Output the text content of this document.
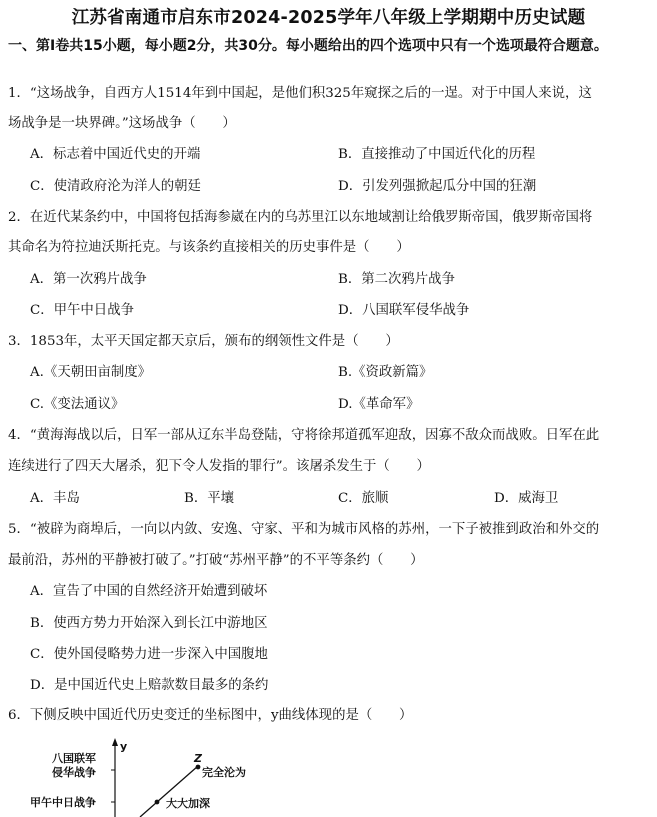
江苏省南通市启东市2024-2025学年八年级上学期期中历史试题
一、第Ⅰ卷共15小题，每小题2分，共30分。每小题给出的四个选项中只有一个选项最符合题意。
1．“这场战争，自西方人1514年到中国起，是他们积325年窥探之后的一逞。对于中国人来说，这
场战争是一块界碑。”这场战争（　　）
A．标志着中国近代史的开端	B．直接推动了中国近代化的历程
C．使清政府沦为洋人的朝廷	D．引发列强掀起瓜分中国的狂潮
2．在近代某条约中，中国将包括海参崴在内的乌苏里江以东地域割让给俄罗斯帝国，俄罗斯帝国将
其命名为符拉迪沃斯托克。与该条约直接相关的历史事件是（　　）
A．第一次鸦片战争	B．第二次鸦片战争
C．甲午中日战争	D．八国联军侵华战争
3．1853年，太平天国定都天京后，颁布的纲领性文件是（　　）
A.《天朝田亩制度》	B.《资政新篇》
C.《变法通议》	D.《革命军》
4．“黄海海战以后，日军一部从辽东半岛登陆，守将徐邦道孤军迎敌，因寡不敌众而战败。日军在此
连续进行了四天大屠杀，犯下令人发指的罪行”。该屠杀发生于（　　）
A．丰岛	B．平壤	C．旅顺	D．威海卫
5．“被辟为商埠后，一向以内敛、安逸、守家、平和为城市风格的苏州，一下子被推到政治和外交的
最前沿，苏州的平静被打破了。”打破“苏州平静”的不平等条约（　　）
A．宣告了中国的自然经济开始遭到破坏
B．使西方势力开始深入到长江中游地区
C．使外国侵略势力进一步深入中国腹地
D．是中国近代史上赔款数目最多的条约
6．下侧反映中国近代历史变迁的坐标图中，y曲线体现的是（　　）
y
八国联军
侵华战争
甲午中日战争
Z
完全沦为
大大加深
